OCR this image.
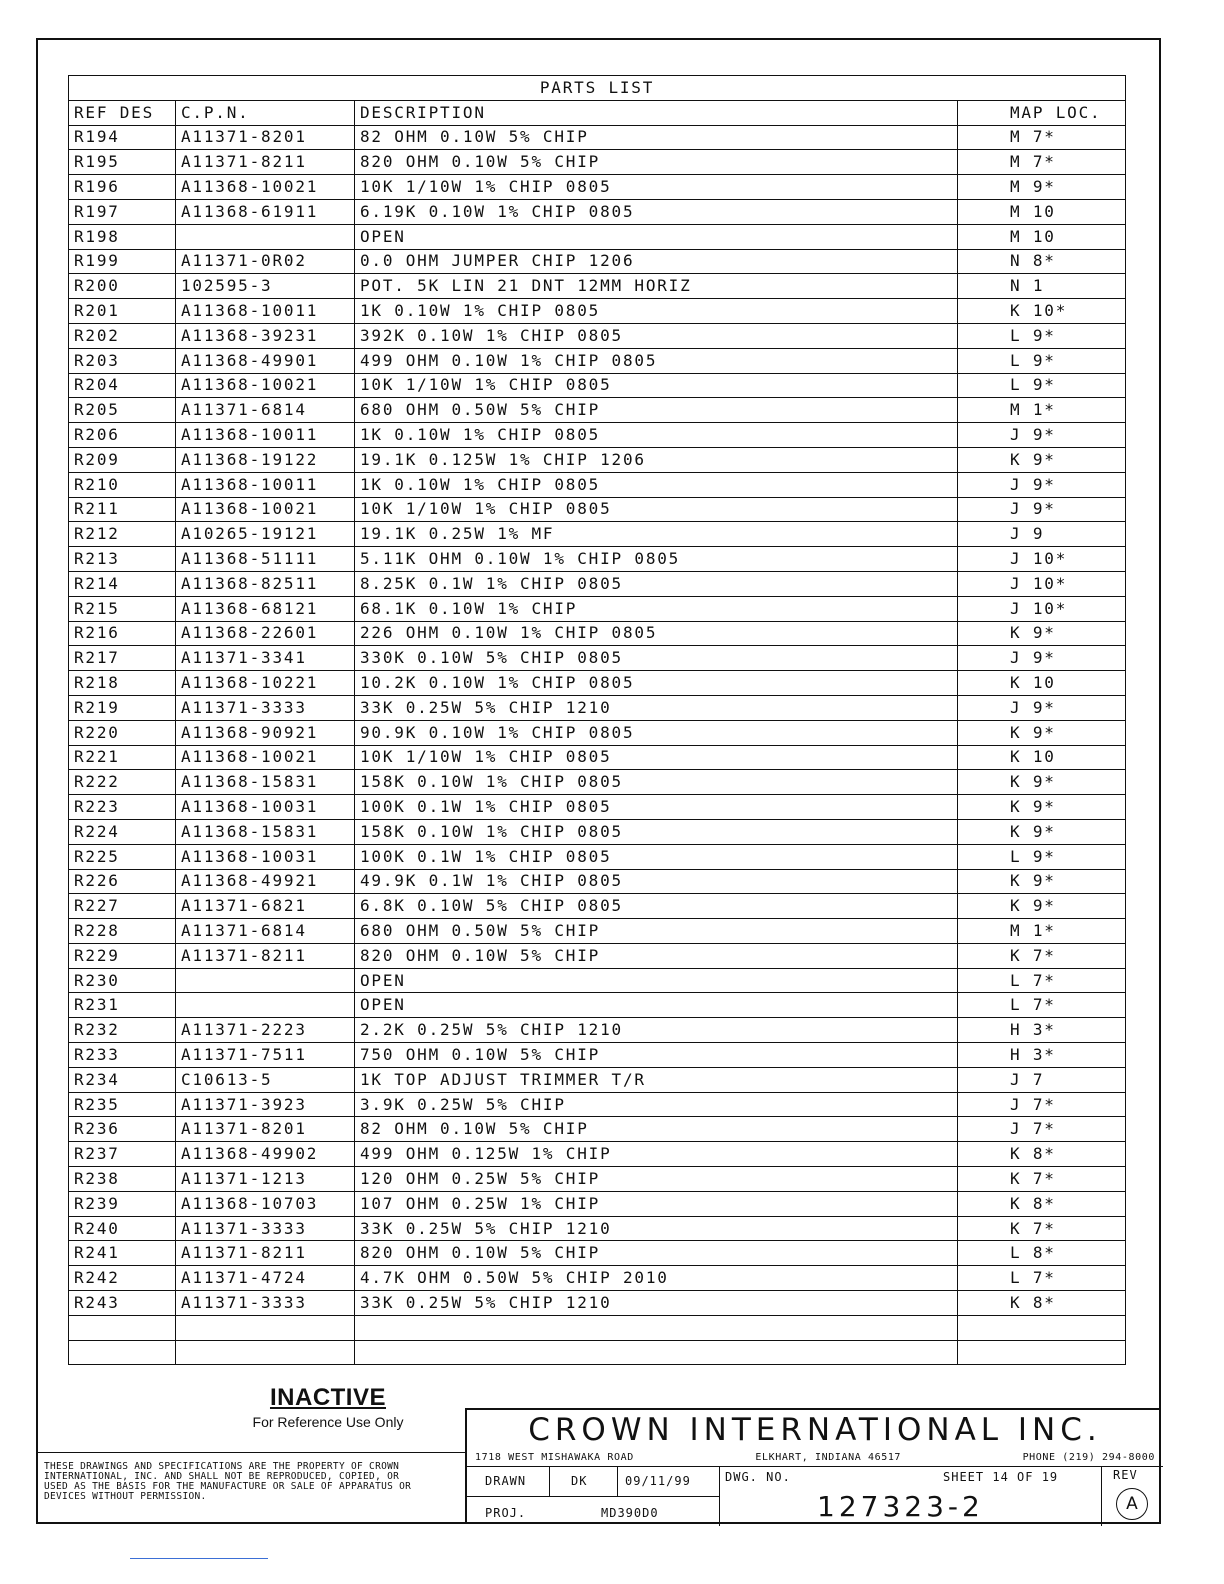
PARTS LIST			
REF DES	C.P.N.	DESCRIPTION	MAP LOC.
R194	A11371-8201	82 OHM 0.10W 5% CHIP	M 7*
R195	A11371-8211	820 OHM 0.10W 5% CHIP	M 7*
R196	A11368-10021	10K 1/10W 1% CHIP 0805	M 9*
R197	A11368-61911	6.19K 0.10W 1% CHIP 0805	M 10
R198		OPEN	M 10
R199	A11371-0R02	0.0 OHM JUMPER CHIP 1206	N 8*
R200	102595-3	POT. 5K LIN 21 DNT 12MM HORIZ	N 1
R201	A11368-10011	1K 0.10W 1% CHIP 0805	K 10*
R202	A11368-39231	392K 0.10W 1% CHIP 0805	L 9*
R203	A11368-49901	499 OHM 0.10W 1% CHIP 0805	L 9*
R204	A11368-10021	10K 1/10W 1% CHIP 0805	L 9*
R205	A11371-6814	680 OHM 0.50W 5% CHIP	M 1*
R206	A11368-10011	1K 0.10W 1% CHIP 0805	J 9*
R209	A11368-19122	19.1K 0.125W 1% CHIP 1206	K 9*
R210	A11368-10011	1K 0.10W 1% CHIP 0805	J 9*
R211	A11368-10021	10K 1/10W 1% CHIP 0805	J 9*
R212	A10265-19121	19.1K 0.25W 1% MF	J 9
R213	A11368-51111	5.11K OHM 0.10W 1% CHIP 0805	J 10*
R214	A11368-82511	8.25K 0.1W 1% CHIP 0805	J 10*
R215	A11368-68121	68.1K 0.10W 1% CHIP	J 10*
R216	A11368-22601	226 OHM 0.10W 1% CHIP 0805	K 9*
R217	A11371-3341	330K 0.10W 5% CHIP 0805	J 9*
R218	A11368-10221	10.2K 0.10W 1% CHIP 0805	K 10
R219	A11371-3333	33K 0.25W 5% CHIP 1210	J 9*
R220	A11368-90921	90.9K 0.10W 1% CHIP 0805	K 9*
R221	A11368-10021	10K 1/10W 1% CHIP 0805	K 10
R222	A11368-15831	158K 0.10W 1% CHIP 0805	K 9*
R223	A11368-10031	100K 0.1W 1% CHIP 0805	K 9*
R224	A11368-15831	158K 0.10W 1% CHIP 0805	K 9*
R225	A11368-10031	100K 0.1W 1% CHIP 0805	L 9*
R226	A11368-49921	49.9K 0.1W 1% CHIP 0805	K 9*
R227	A11371-6821	6.8K 0.10W 5% CHIP 0805	K 9*
R228	A11371-6814	680 OHM 0.50W 5% CHIP	M 1*
R229	A11371-8211	820 OHM 0.10W 5% CHIP	K 7*
R230		OPEN	L 7*
R231		OPEN	L 7*
R232	A11371-2223	2.2K 0.25W 5% CHIP 1210	H 3*
R233	A11371-7511	750 OHM 0.10W 5% CHIP	H 3*
R234	C10613-5	1K TOP ADJUST TRIMMER T/R	J 7
R235	A11371-3923	3.9K 0.25W 5% CHIP	J 7*
R236	A11371-8201	82 OHM 0.10W 5% CHIP	J 7*
R237	A11368-49902	499 OHM 0.125W 1% CHIP	K 8*
R238	A11371-1213	120 OHM 0.25W 5% CHIP	K 7*
R239	A11368-10703	107 OHM 0.25W 1% CHIP	K 8*
R240	A11371-3333	33K 0.25W 5% CHIP 1210	K 7*
R241	A11371-8211	820 OHM 0.10W 5% CHIP	L 8*
R242	A11371-4724	4.7K OHM 0.50W 5% CHIP 2010	L 7*
R243	A11371-3333	33K 0.25W 5% CHIP 1210	K 8*

INACTIVE
For Reference Use Only
THESE DRAWINGS AND SPECIFICATIONS ARE THE PROPERTY OF CROWN INTERNATIONAL, INC. AND SHALL NOT BE REPRODUCED, COPIED, OR USED AS THE BASIS FOR THE MANUFACTURE OR SALE OF APPARATUS OR DEVICES WITHOUT PERMISSION.
CROWN INTERNATIONAL INC.
1718 WEST MISHAWAKA ROAD	ELKHART, INDIANA 46517	PHONE (219) 294-8000
DRAWN	DK	09/11/99
PROJ.	MD390D0
DWG. NO.	SHEET 14 OF 19	REV
127323-2	A
